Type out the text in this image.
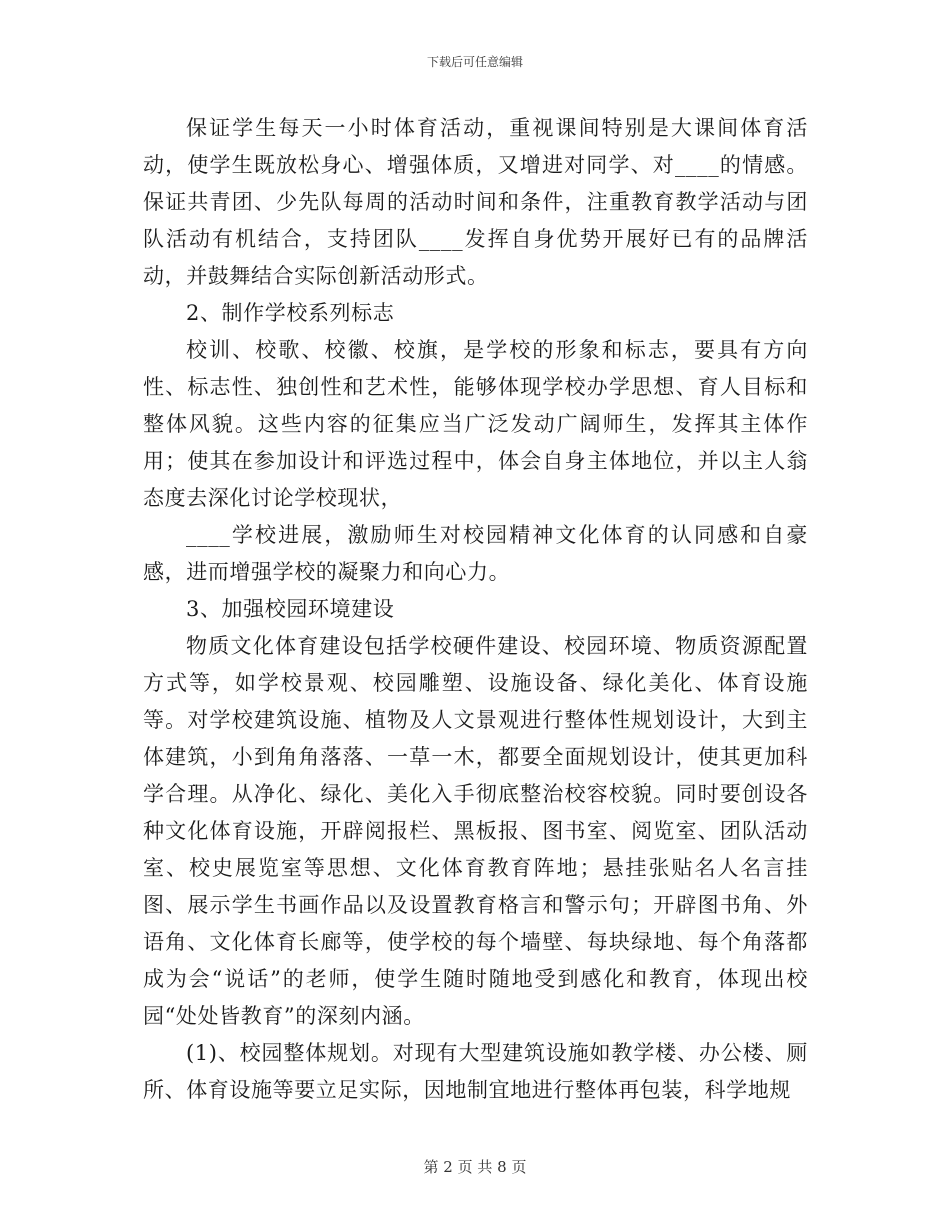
下载后可任意编辑

保证学生每天一小时体育活动，重视课间特别是大课间体育活动，使学生既放松身心、增强体质，又增进对同学、对____的情感。保证共青团、少先队每周的活动时间和条件，注重教育教学活动与团队活动有机结合，支持团队____发挥自身优势开展好已有的品牌活动，并鼓舞结合实际创新活动形式。

2、制作学校系列标志

校训、校歌、校徽、校旗，是学校的形象和标志，要具有方向性、标志性、独创性和艺术性，能够体现学校办学思想、育人目标和整体风貌。这些内容的征集应当广泛发动广阔师生，发挥其主体作用；使其在参加设计和评选过程中，体会自身主体地位，并以主人翁态度去深化讨论学校现状，

____学校进展，激励师生对校园精神文化体育的认同感和自豪感，进而增强学校的凝聚力和向心力。

3、加强校园环境建设

物质文化体育建设包括学校硬件建设、校园环境、物质资源配置方式等，如学校景观、校园雕塑、设施设备、绿化美化、体育设施等。对学校建筑设施、植物及人文景观进行整体性规划设计，大到主体建筑，小到角角落落、一草一木，都要全面规划设计，使其更加科学合理。从净化、绿化、美化入手彻底整治校容校貌。同时要创设各种文化体育设施，开辟阅报栏、黑板报、图书室、阅览室、团队活动室、校史展览室等思想、文化体育教育阵地；悬挂张贴名人名言挂图、展示学生书画作品以及设置教育格言和警示句；开辟图书角、外语角、文化体育长廊等，使学校的每个墙壁、每块绿地、每个角落都成为会“说话”的老师，使学生随时随地受到感化和教育，体现出校园“处处皆教育”的深刻内涵。

(1)、校园整体规划。对现有大型建筑设施如教学楼、办公楼、厕所、体育设施等要立足实际，因地制宜地进行整体再包装，科学地规

第 2 页 共 8 页
